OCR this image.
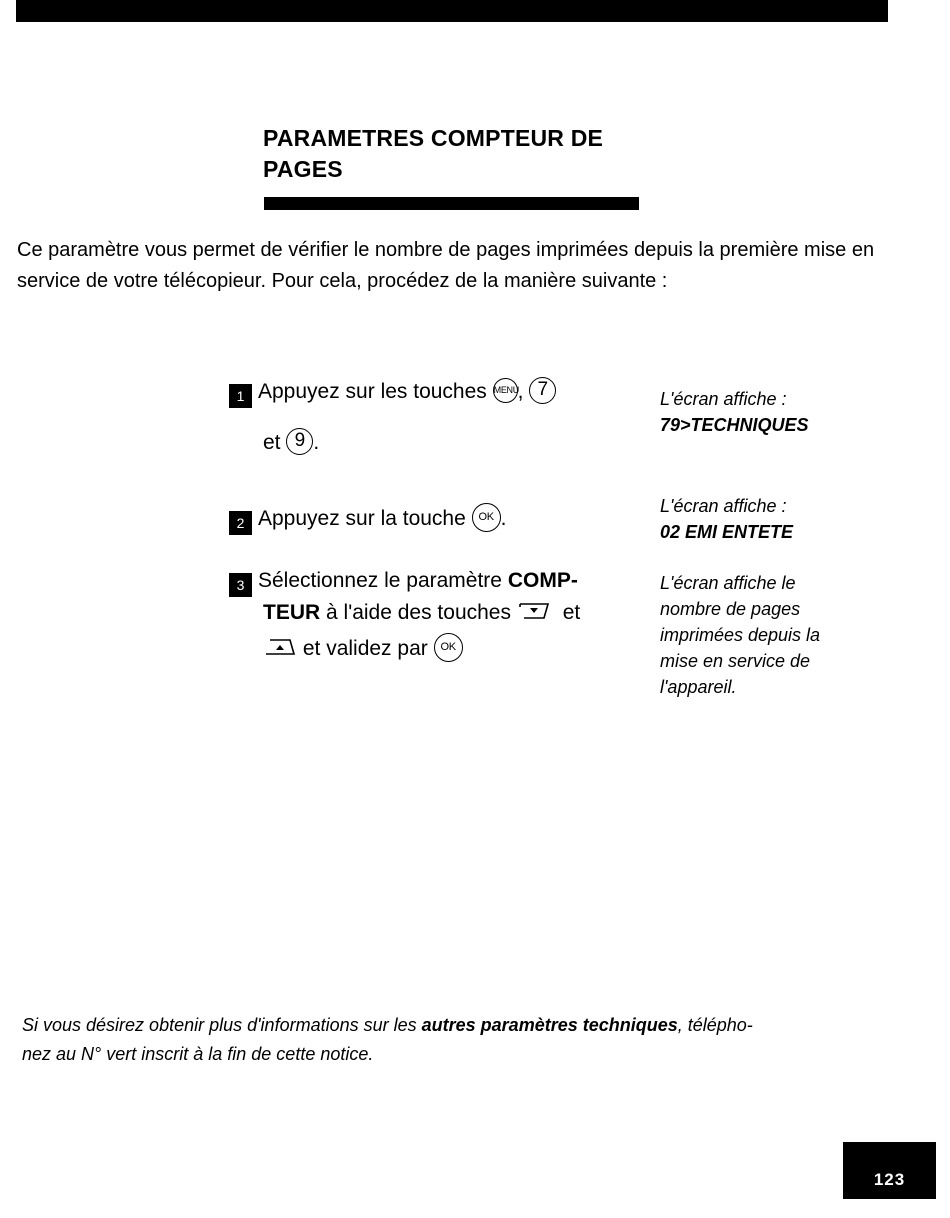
PARAMETRES COMPTEUR DE
PAGES
Ce paramètre vous permet de vérifier le nombre de pages imprimées depuis la première mise en service de votre télécopieur. Pour cela, procédez de la manière suivante :
1 Appuyez sur les touches MENU, 7
et 9 .
L'écran affiche :
79>TECHNIQUES
2 Appuyez sur la touche OK .
L'écran affiche :
02 EMI ENTETE
3 Sélectionnez le paramètre COMP-
TEUR à l'aide des touches et
et validez par OK
L'écran affiche le
nombre de pages
imprimées depuis la
mise en service de
l'appareil.
Si vous désirez obtenir plus d'informations sur les autres paramètres techniques, télépho-
nez au N° vert inscrit à la fin de cette notice.
123
